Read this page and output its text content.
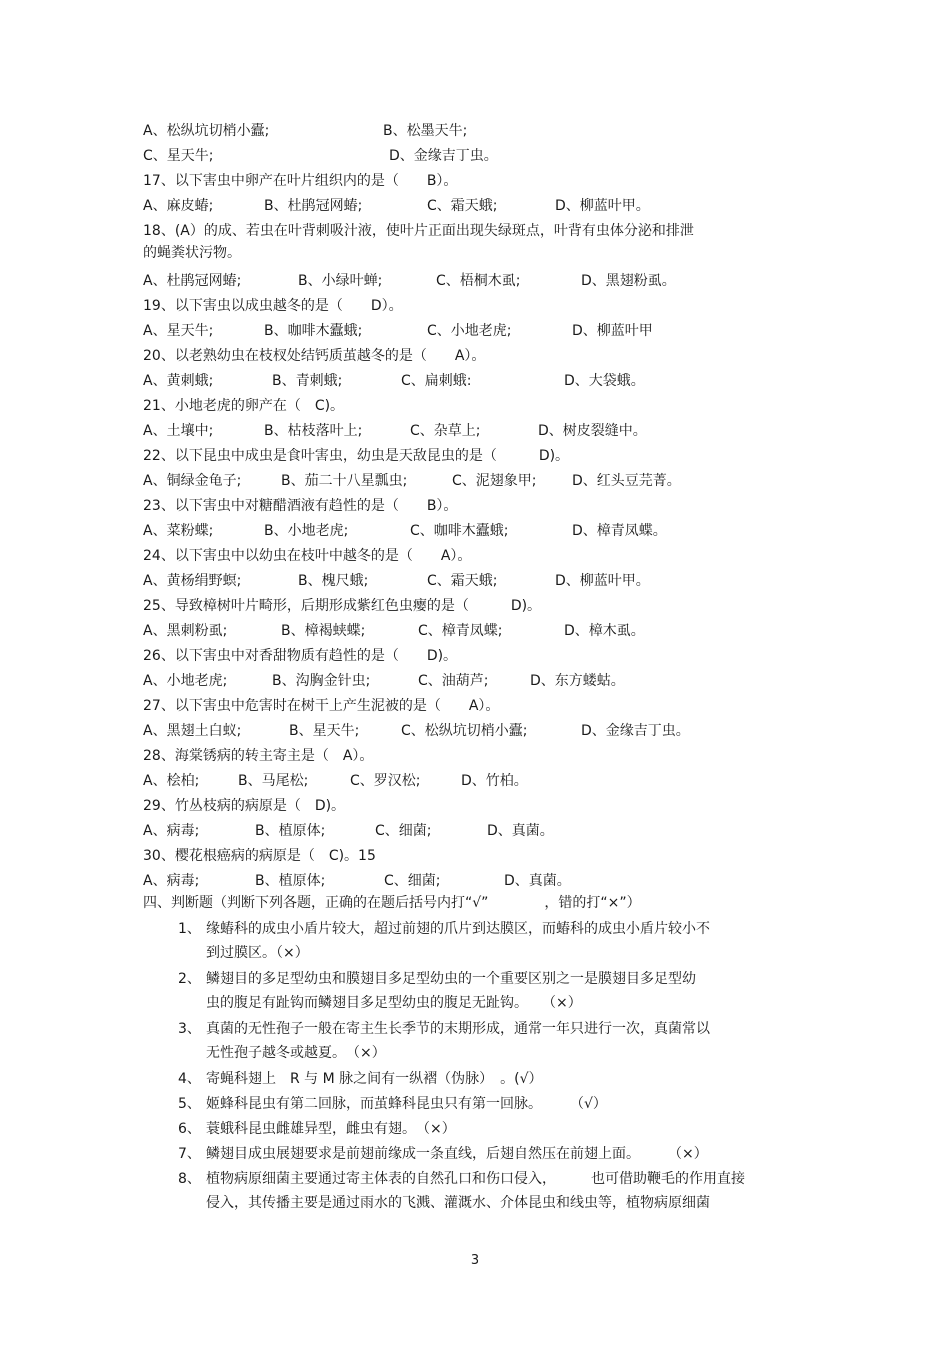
A、松纵坑切梢小蠹;	B、松墨天牛;
C、星天牛;	D、金缘吉丁虫。
17、以下害虫中卵产在叶片组织内的是（　　B）。
A、麻皮蝽;	B、杜鹃冠网蝽;	C、霜天蛾;	D、柳蓝叶甲。
18、(A）的成、若虫在叶背刺吸汁液，使叶片正面出现失绿斑点，叶背有虫体分泌和排泄
的蝇粪状污物。
A、杜鹃冠网蝽;	B、小绿叶蝉;	C、梧桐木虱;	D、黑翅粉虱。
19、以下害虫以成虫越冬的是（　　D）。
A、星天牛;	B、咖啡木蠹蛾;	C、小地老虎;	D、柳蓝叶甲
20、以老熟幼虫在枝杈处结钙质茧越冬的是（　　A）。
A、黄刺蛾;	B、青刺蛾;	C、扁刺蛾:	D、大袋蛾。
21、小地老虎的卵产在（　C)。
A、土壤中;	B、枯枝落叶上;	C、杂草上;	D、树皮裂缝中。
22、以下昆虫中成虫是食叶害虫，幼虫是天敌昆虫的是（　　　D)。
A、铜绿金龟子;	B、茄二十八星瓢虫;	C、泥翅象甲;	D、红头豆芫菁。
23、以下害虫中对糖醋酒液有趋性的是（　　B）。
A、菜粉蝶;	B、小地老虎;	C、咖啡木蠹蛾;	D、樟青凤蝶。
24、以下害虫中以幼虫在枝叶中越冬的是（　　A）。
A、黄杨绢野螟;	B、槐尺蛾;	C、霜天蛾;	D、柳蓝叶甲。
25、导致樟树叶片畸形，后期形成紫红色虫瘿的是（　　　D)。
A、黑刺粉虱;	B、樟褐蛱蝶;	C、樟青凤蝶;	D、樟木虱。
26、以下害虫中对香甜物质有趋性的是（　　D)。
A、小地老虎;	B、沟胸金针虫;	C、油葫芦;	D、东方蝼蛄。
27、以下害虫中危害时在树干上产生泥被的是（　　A）。
A、黑翅土白蚁;	B、星天牛;	C、松纵坑切梢小蠹;	D、金缘吉丁虫。
28、海棠锈病的转主寄主是（　A）。
A、桧柏;	B、马尾松;	C、罗汉松;	D、竹柏。
29、竹丛枝病的病原是（　D)。
A、病毒;	B、植原体;	C、细菌;	D、真菌。
30、樱花根癌病的病原是（　C)。15
A、病毒;	B、植原体;	C、细菌;	D、真菌。
四、判断题（判断下列各题，正确的在题后括号内打“√”　　　　，错的打“×”）
1、 缘蝽科的成虫小盾片较大，超过前翅的爪片到达膜区，而蝽科的成虫小盾片较小不
到过膜区。（×）
2、 鳞翅目的多足型幼虫和膜翅目多足型幼虫的一个重要区别之一是膜翅目多足型幼
虫的腹足有趾钩而鳞翅目多足型幼虫的腹足无趾钩。　　（×）
3、 真菌的无性孢子一般在寄主生长季节的末期形成，通常一年只进行一次，真菌常以
无性孢子越冬或越夏。　（×）
4、 寄蝇科翅上　R 与 M 脉之间有一纵褶（伪脉）　。(√）
5、 姬蜂科昆虫有第二回脉，而茧蜂科昆虫只有第一回脉。　　　（√）
6、 蓑蛾科昆虫雌雄异型，雌虫有翅。　（×）
7、 鳞翅目成虫展翅要求是前翅前缘成一条直线，后翅自然压在前翅上面。　　　（×）
8、 植物病原细菌主要通过寄主体表的自然孔口和伤口侵入，　　　也可借助鞭毛的作用直接
侵入，其传播主要是通过雨水的飞溅、灌溉水、介体昆虫和线虫等，植物病原细菌
3
